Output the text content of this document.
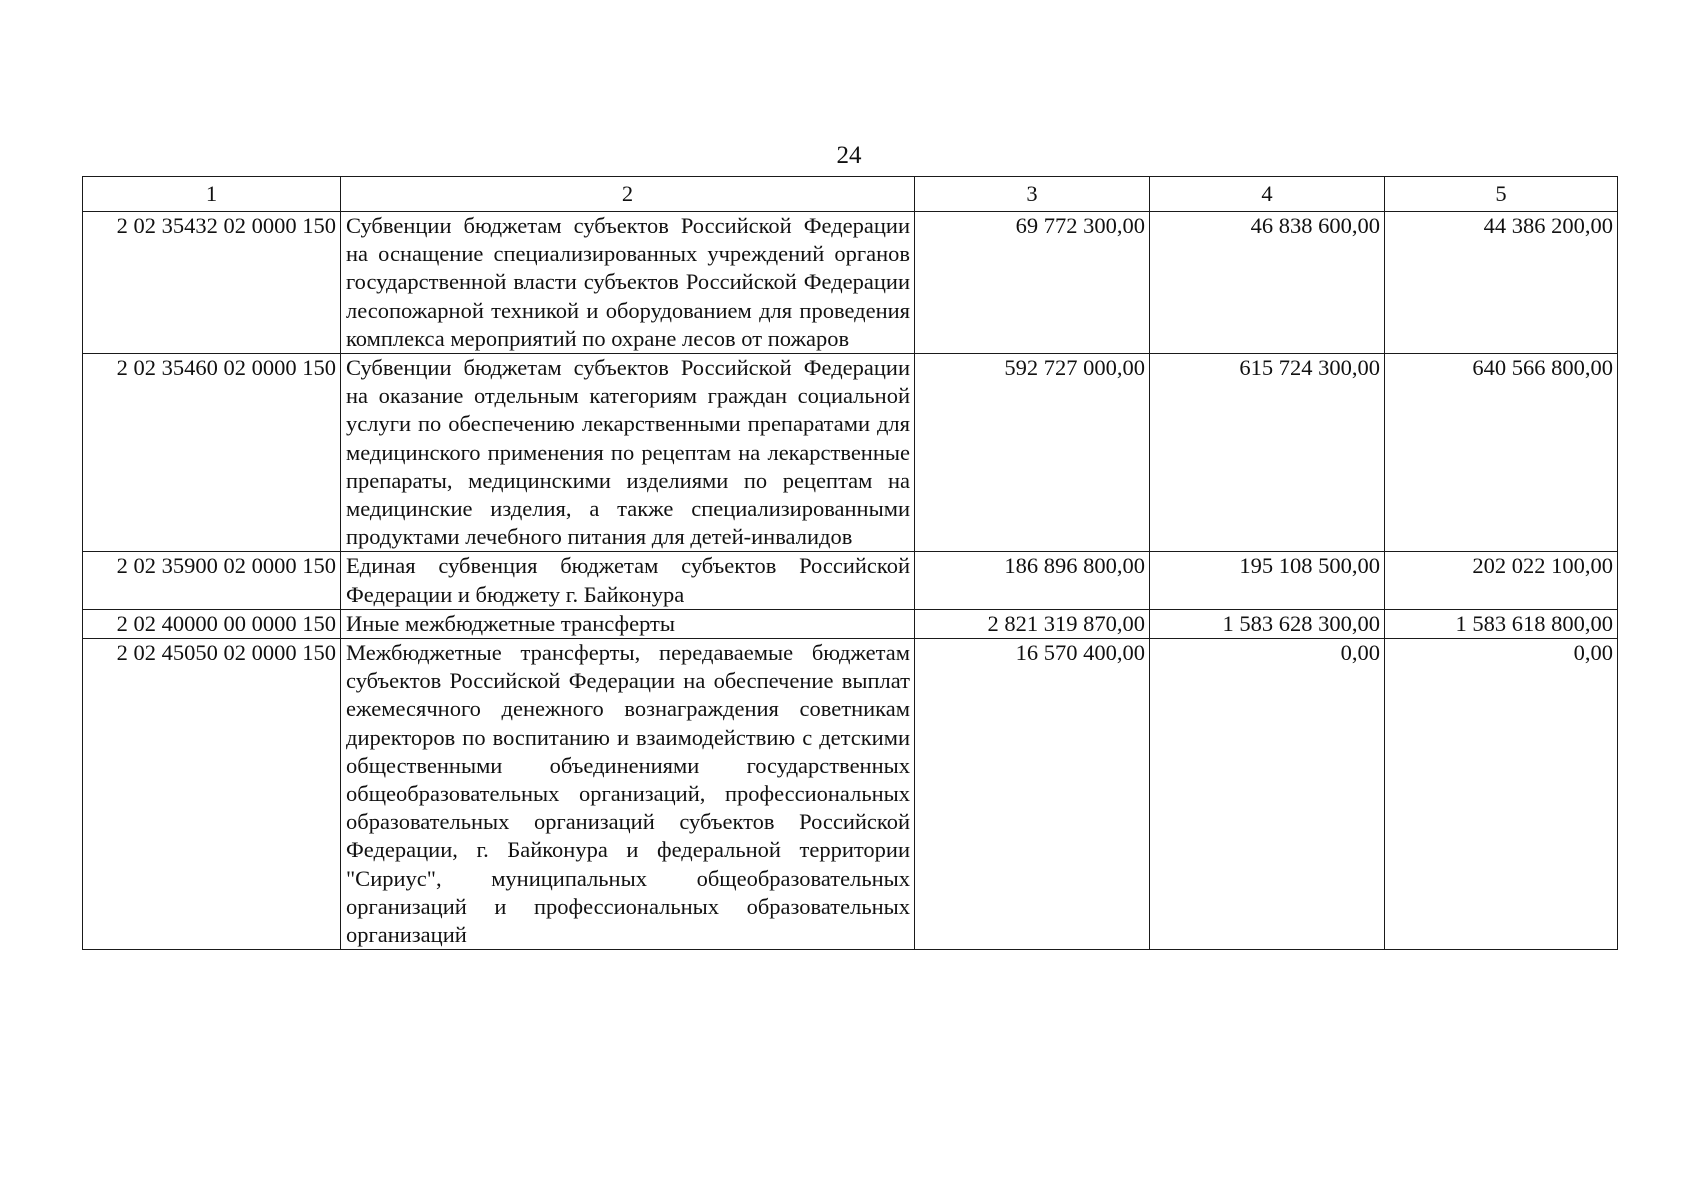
24
1	2	3	4	5
2 02 35432 02 0000 150	Субвенции бюджетам субъектов Российской Федерации на оснащение специализированных учреждений органов государственной власти субъектов Российской Федерации лесопожарной техникой и оборудованием для проведения комплекса мероприятий по охране лесов от пожаров	69 772 300,00	46 838 600,00	44 386 200,00
2 02 35460 02 0000 150	Субвенции бюджетам субъектов Российской Федерации на оказание отдельным категориям граждан социальной услуги по обеспечению лекарственными препаратами для медицинского применения по рецептам на лекарственные препараты, медицинскими изделиями по рецептам на медицинские изделия, а также специализированными продуктами лечебного питания для детей-инвалидов	592 727 000,00	615 724 300,00	640 566 800,00
2 02 35900 02 0000 150	Единая субвенция бюджетам субъектов Российской Федерации и бюджету г. Байконура	186 896 800,00	195 108 500,00	202 022 100,00
2 02 40000 00 0000 150	Иные межбюджетные трансферты	2 821 319 870,00	1 583 628 300,00	1 583 618 800,00
2 02 45050 02 0000 150	Межбюджетные трансферты, передаваемые бюджетам субъектов Российской Федерации на обеспечение выплат ежемесячного денежного вознаграждения советникам директоров по воспитанию и взаимодействию с детскими общественными объединениями государственных общеобразовательных организаций, профессиональных образовательных организаций субъектов Российской Федерации, г. Байконура и федеральной территории "Сириус", муниципальных общеобразовательных организаций и профессиональных образовательных организаций	16 570 400,00	0,00	0,00
